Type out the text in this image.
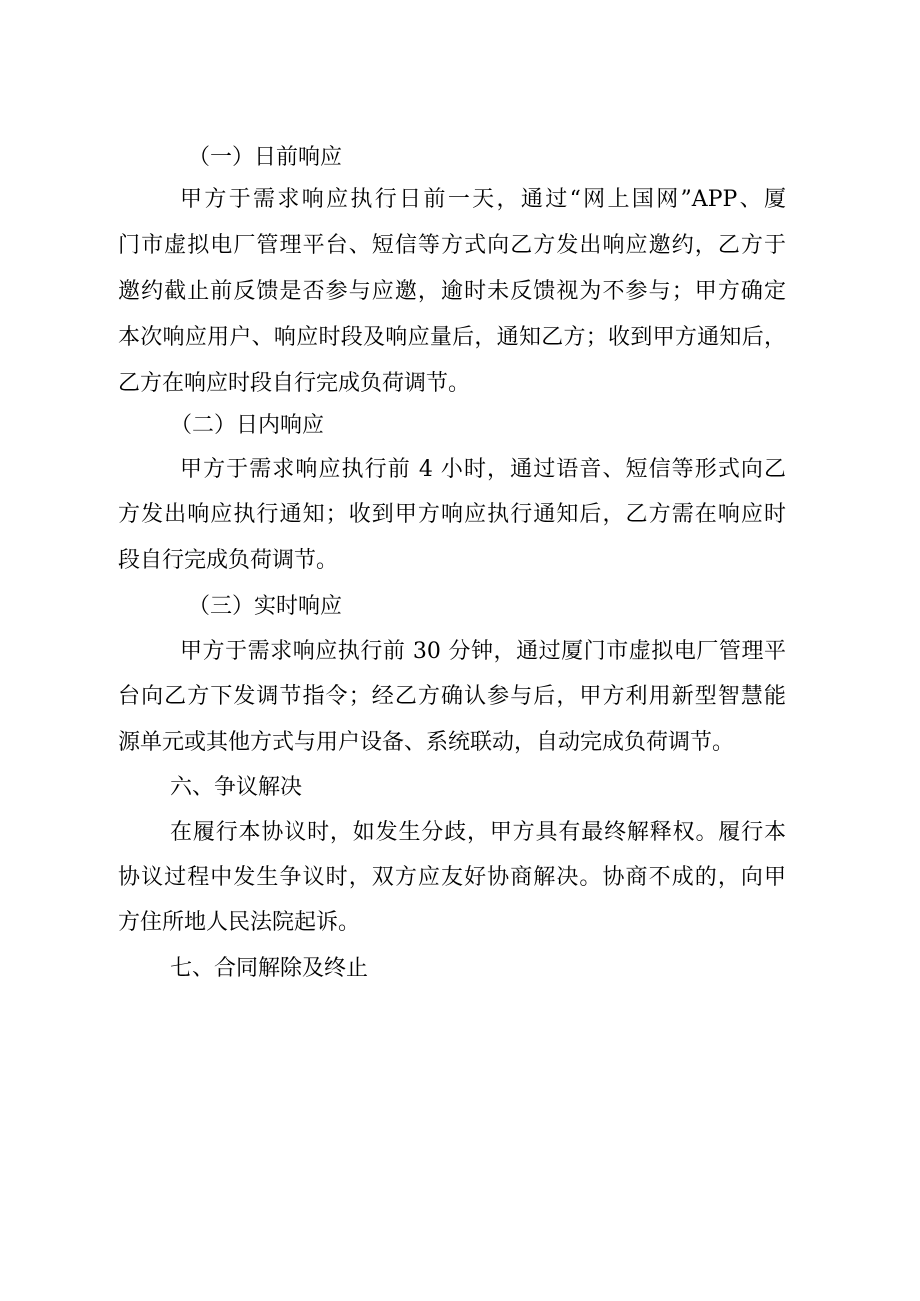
（一）日前响应
甲方于需求响应执行日前一天，通过“网上国网”APP、厦
门市虚拟电厂管理平台、短信等方式向乙方发出响应邀约，乙方于
邀约截止前反馈是否参与应邀，逾时未反馈视为不参与；甲方确定
本次响应用户、响应时段及响应量后，通知乙方；收到甲方通知后，
乙方在响应时段自行完成负荷调节。
（二）日内响应
甲方于需求响应执行前 4 小时，通过语音、短信等形式向乙
方发出响应执行通知；收到甲方响应执行通知后，乙方需在响应时
段自行完成负荷调节。
（三）实时响应
甲方于需求响应执行前 30 分钟，通过厦门市虚拟电厂管理平
台向乙方下发调节指令；经乙方确认参与后，甲方利用新型智慧能
源单元或其他方式与用户设备、系统联动，自动完成负荷调节。
六、争议解决
在履行本协议时，如发生分歧，甲方具有最终解释权。履行本
协议过程中发生争议时，双方应友好协商解决。协商不成的，向甲
方住所地人民法院起诉。
七、合同解除及终止
